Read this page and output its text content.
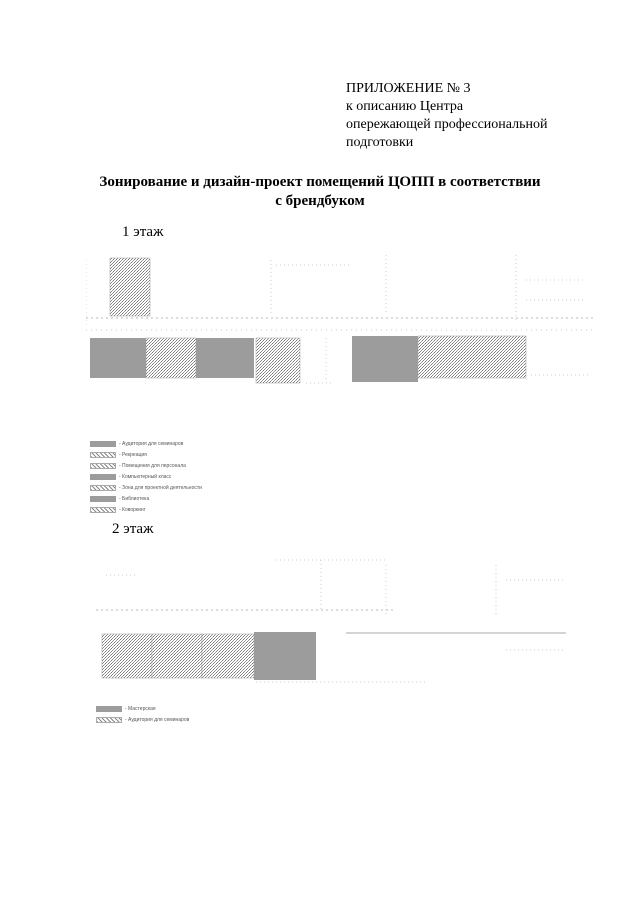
ПРИЛОЖЕНИЕ № 3
к описанию Центра
опережающей профессиональной
подготовки
Зонирование и дизайн-проект помещений ЦОПП в соответствии
с брендбуком
1 этаж
- Аудитория для семинаров
- Рекреация
- Помещения для персонала
- Компьютерный класс
- Зона для проектной деятельности
- Библиотека
- Коворкинг
2 этаж
- Мастерская
- Аудитория для семинаров
